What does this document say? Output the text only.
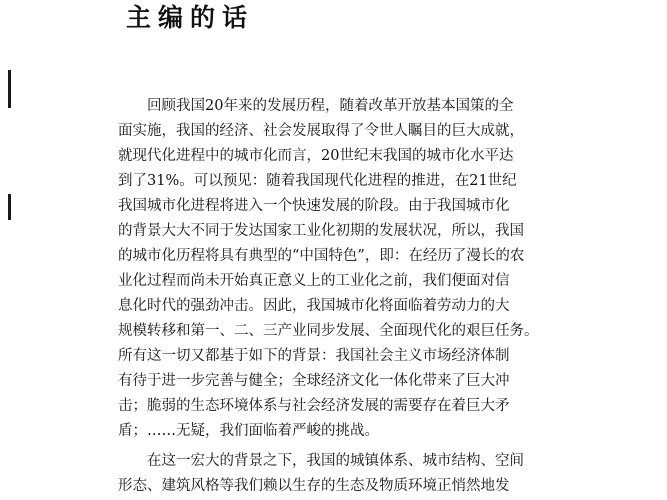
主编的话

　　回顾我国20年来的发展历程，随着改革开放基本国策的全

面实施，我国的经济、社会发展取得了令世人瞩目的巨大成就，

就现代化进程中的城市化而言，20世纪末我国的城市化水平达

到了31%。可以预见：随着我国现代化进程的推进，在21世纪

我国城市化进程将进入一个快速发展的阶段。由于我国城市化

的背景大大不同于发达国家工业化初期的发展状况，所以，我国

的城市化历程将具有典型的“中国特色”，即：在经历了漫长的农

业化过程而尚未开始真正意义上的工业化之前，我们便面对信

息化时代的强劲冲击。因此，我国城市化将面临着劳动力的大

规模转移和第一、二、三产业同步发展、全面现代化的艰巨任务。

所有这一切又都基于如下的背景：我国社会主义市场经济体制

有待于进一步完善与健全；全球经济文化一体化带来了巨大冲

击；脆弱的生态环境体系与社会经济发展的需要存在着巨大矛

盾；……无疑，我们面临着严峻的挑战。

　　在这一宏大的背景之下，我国的城镇体系、城市结构、空间

形态、建筑风格等我们赖以生存的生态及物质环境正悄然地发
